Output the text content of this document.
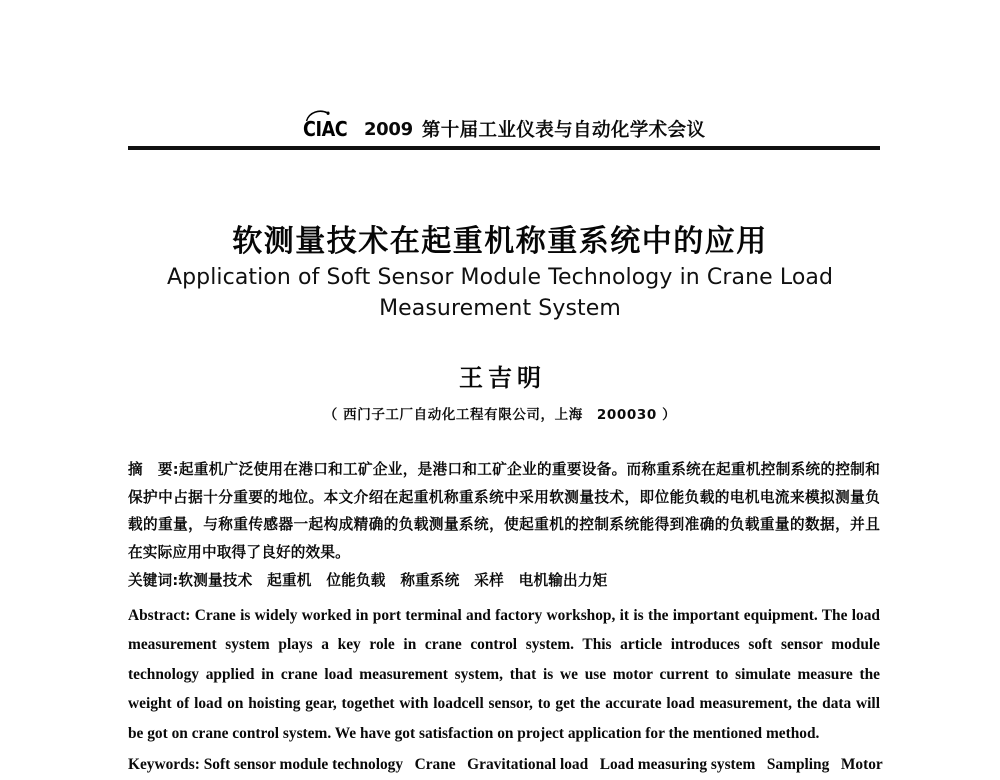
C IAC 2009 第十届工业仪表与自动化学术会议
软测量技术在起重机称重系统中的应用
Application of Soft Sensor Module Technology in Crane Load Measurement System
王吉明
（ 西门子工厂自动化工程有限公司，上海　200030 ）

摘　要:起重机广泛使用在港口和工矿企业，是港口和工矿企业的重要设备。而称重系统在起重机控制系统的控制和保护中占据十分重要的地位。本文介绍在起重机称重系统中采用软测量技术，即位能负载的电机电流来模拟测量负载的重量，与称重传感器一起构成精确的负载测量系统，使起重机的控制系统能得到准确的负载重量的数据，并且在实际应用中取得了良好的效果。

关键词:软测量技术　起重机　位能负载　称重系统　采样　电机输出力矩

Abstract: Crane is widely worked in port terminal and factory workshop, it is the important equipment. The load measurement system plays a key role in crane control system. This article introduces soft sensor module technology applied in crane load measurement system, that is we use motor current to simulate measure the weight of load on hoisting gear, togethet with loadcell sensor, to get the accurate load measurement, the data will be got on crane control system. We have got satisfaction on project application for the mentioned method.

Keywords: Soft sensor module technology   Crane   Gravitational load   Load measuring system   Sampling   Motor
